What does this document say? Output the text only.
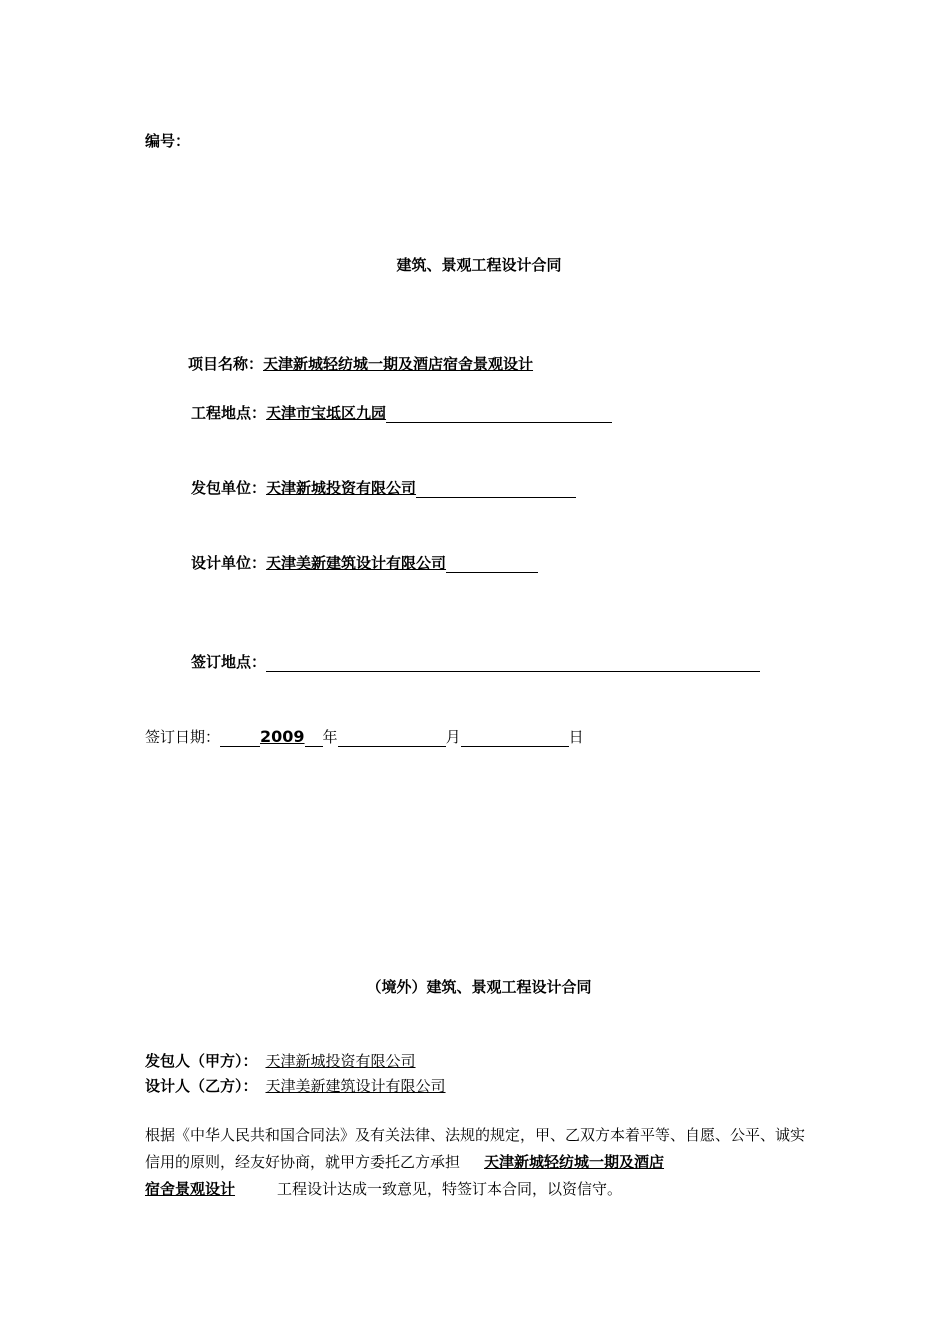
编号：
建筑、景观工程设计合同
项目名称：天津新城轻纺城一期及酒店宿舍景观设计
工程地点：天津市宝坻区九园
发包单位：天津新城投资有限公司
设计单位：天津美新建筑设计有限公司
签订地点：
签订日期：	2009 年	月	日
（境外）建筑、景观工程设计合同
发包人（甲方）： 天津新城投资有限公司
设计人（乙方）： 天津美新建筑设计有限公司
根据《中华人民共和国合同法》及有关法律、法规的规定，甲、乙双方本着平等、自愿、公平、诚实信用的原则，经友好协商，就甲方委托乙方承担 天津新城轻纺城一期及酒店
宿舍景观设计	工程设计达成一致意见，特签订本合同，以资信守。
